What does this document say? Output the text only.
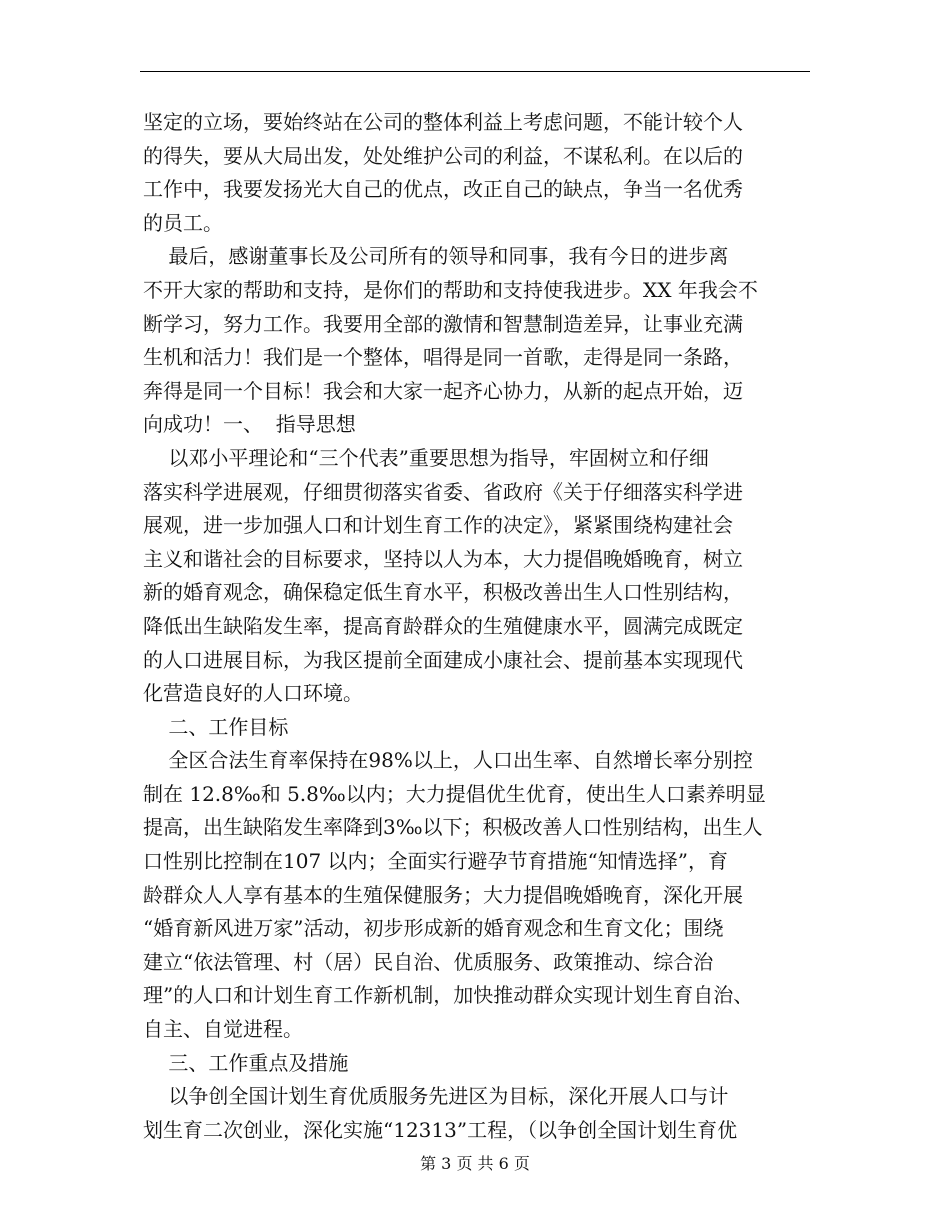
坚定的立场，要始终站在公司的整体利益上考虑问题，不能计较个人
的得失，要从大局出发，处处维护公司的利益，不谋私利。在以后的
工作中，我要发扬光大自己的优点，改正自己的缺点，争当一名优秀
的员工。
最后，感谢董事长及公司所有的领导和同事，我有今日的进步离
不开大家的帮助和支持，是你们的帮助和支持使我进步。XX 年我会不
断学习，努力工作。我要用全部的激情和智慧制造差异，让事业充满
生机和活力！我们是一个整体，唱得是同一首歌，走得是同一条路，
奔得是同一个目标！我会和大家一起齐心协力，从新的起点开始，迈
向成功！一、  指导思想
以邓小平理论和“三个代表”重要思想为指导，牢固树立和仔细
落实科学进展观，仔细贯彻落实省委、省政府《关于仔细落实科学进
展观，进一步加强人口和计划生育工作的决定》，紧紧围绕构建社会
主义和谐社会的目标要求，坚持以人为本，大力提倡晚婚晚育，树立
新的婚育观念，确保稳定低生育水平，积极改善出生人口性别结构，
降低出生缺陷发生率，提高育龄群众的生殖健康水平，圆满完成既定
的人口进展目标，为我区提前全面建成小康社会、提前基本实现现代
化营造良好的人口环境。
二、工作目标
全区合法生育率保持在98%以上，人口出生率、自然增长率分别控
制在 12.8‰和 5.8‰以内；大力提倡优生优育，使出生人口素养明显
提高，出生缺陷发生率降到3‰以下；积极改善人口性别结构，出生人
口性别比控制在107 以内；全面实行避孕节育措施“知情选择”，育
龄群众人人享有基本的生殖保健服务；大力提倡晚婚晚育，深化开展
“婚育新风进万家”活动，初步形成新的婚育观念和生育文化；围绕
建立“依法管理、村（居）民自治、优质服务、政策推动、综合治
理”的人口和计划生育工作新机制，加快推动群众实现计划生育自治、
自主、自觉进程。
三、工作重点及措施
以争创全国计划生育优质服务先进区为目标，深化开展人口与计
划生育二次创业，深化实施“12313”工程，（以争创全国计划生育优
第 3 页 共 6 页
